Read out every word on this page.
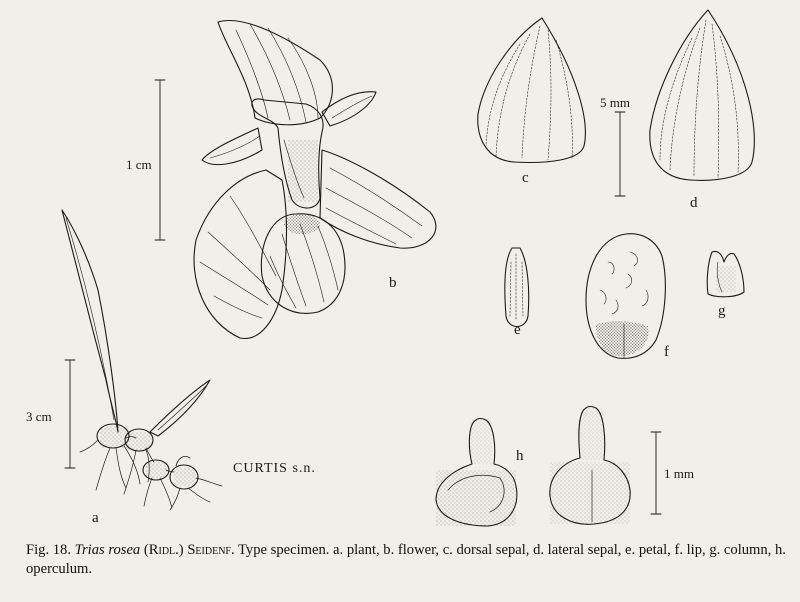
a
b
c
d
e
f
g
h
1 cm
5 mm
3 cm
1 mm
CURTIS s.n.
Fig. 18. Trias rosea (Ridl.) Seidenf. Type specimen. a. plant, b. flower, c. dorsal sepal, d. lateral sepal, e. petal, f. lip, g. column, h. operculum.
